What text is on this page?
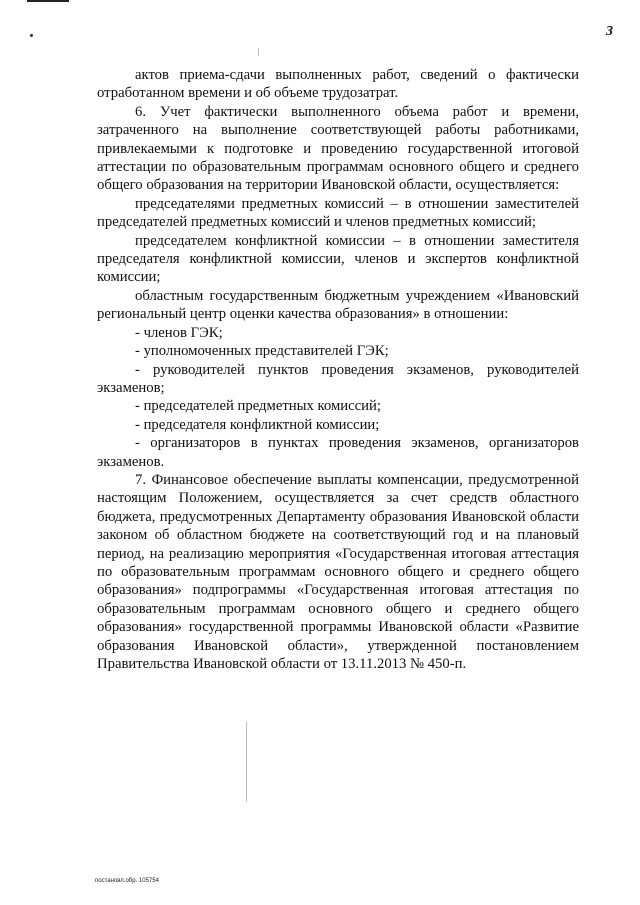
3

актов приема-сдачи выполненных работ, сведений о фактически отработанном времени и об объеме трудозатрат.

6. Учет фактически выполненного объема работ и времени, затраченного на выполнение соответствующей работы работниками, привлекаемыми к подготовке и проведению государственной итоговой аттестации по образовательным программам основного общего и среднего общего образования на территории Ивановской области, осуществляется:

председателями предметных комиссий – в отношении заместителей председателей предметных комиссий и членов предметных комиссий;

председателем конфликтной комиссии – в отношении заместителя председателя конфликтной комиссии, членов и экспертов конфликтной комиссии;

областным государственным бюджетным учреждением «Ивановский региональный центр оценки качества образования» в отношении:

- членов ГЭК;

- уполномоченных представителей ГЭК;

- руководителей пунктов проведения экзаменов, руководителей экзаменов;

- председателей предметных комиссий;

- председателя конфликтной комиссии;

- организаторов в пунктах проведения экзаменов, организаторов экзаменов.

7. Финансовое обеспечение выплаты компенсации, предусмотренной настоящим Положением, осуществляется за счет средств областного бюджета, предусмотренных Департаменту образования Ивановской области законом об областном бюджете на соответствующий год и на плановый период, на реализацию мероприятия «Государственная итоговая аттестация по образовательным программам основного общего и среднего общего образования» подпрограммы «Государственная итоговая аттестация по образовательным программам основного общего и среднего общего образования» государственной программы Ивановской области «Развитие образования Ивановской области», утвержденной постановлением Правительства Ивановской области от 13.11.2013 № 450-п.

постановл.обр. 105754
